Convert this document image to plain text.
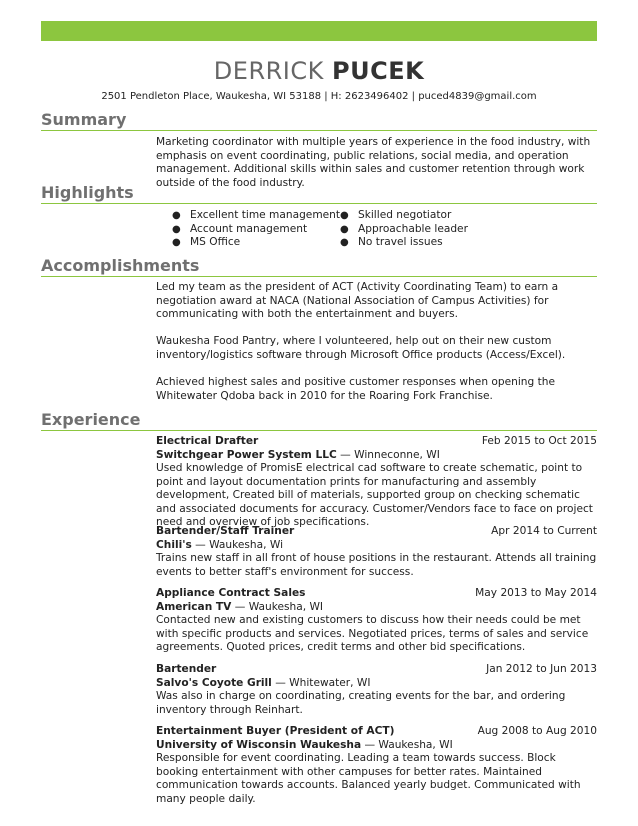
DERRICK PUCEK
2501 Pendleton Place, Waukesha, WI 53188 | H: 2623496402 | puced4839@gmail.com
Summary
Marketing coordinator with multiple years of experience in the food industry, with emphasis on event coordinating, public relations, social media, and operation management. Additional skills within sales and customer retention through work outside of the food industry.
Highlights
● Excellent time management
● Account management
● MS Office
● Skilled negotiator
● Approachable leader
● No travel issues
Accomplishments
Led my team as the president of ACT (Activity Coordinating Team) to earn a negotiation award at NACA (National Association of Campus Activities) for communicating with both the entertainment and buyers.
Waukesha Food Pantry, where I volunteered, help out on their new custom inventory/logistics software through Microsoft Office products (Access/Excel).
Achieved highest sales and positive customer responses when opening the Whitewater Qdoba back in 2010 for the Roaring Fork Franchise.
Experience
Electrical Drafter	Feb 2015 to Oct 2015
Switchgear Power System LLC — Winneconne, WI
Used knowledge of PromisE electrical cad software to create schematic, point to point and layout documentation prints for manufacturing and assembly development, Created bill of materials, supported group on checking schematic and associated documents for accuracy. Customer/Vendors face to face on project need and overview of job specifications.
Bartender/Staff Trainer	Apr 2014 to Current
Chili's — Waukesha, Wi
Trains new staff in all front of house positions in the restaurant. Attends all training events to better staff's environment for success.
Appliance Contract Sales	May 2013 to May 2014
American TV — Waukesha, WI
Contacted new and existing customers to discuss how their needs could be met with specific products and services. Negotiated prices, terms of sales and service agreements. Quoted prices, credit terms and other bid specifications.
Bartender	Jan 2012 to Jun 2013
Salvo's Coyote Grill — Whitewater, WI
Was also in charge on coordinating, creating events for the bar, and ordering inventory through Reinhart.
Entertainment Buyer (President of ACT)	Aug 2008 to Aug 2010
University of Wisconsin Waukesha — Waukesha, WI
Responsible for event coordinating. Leading a team towards success. Block booking entertainment with other campuses for better rates. Maintained communication towards accounts. Balanced yearly budget. Communicated with many people daily.
